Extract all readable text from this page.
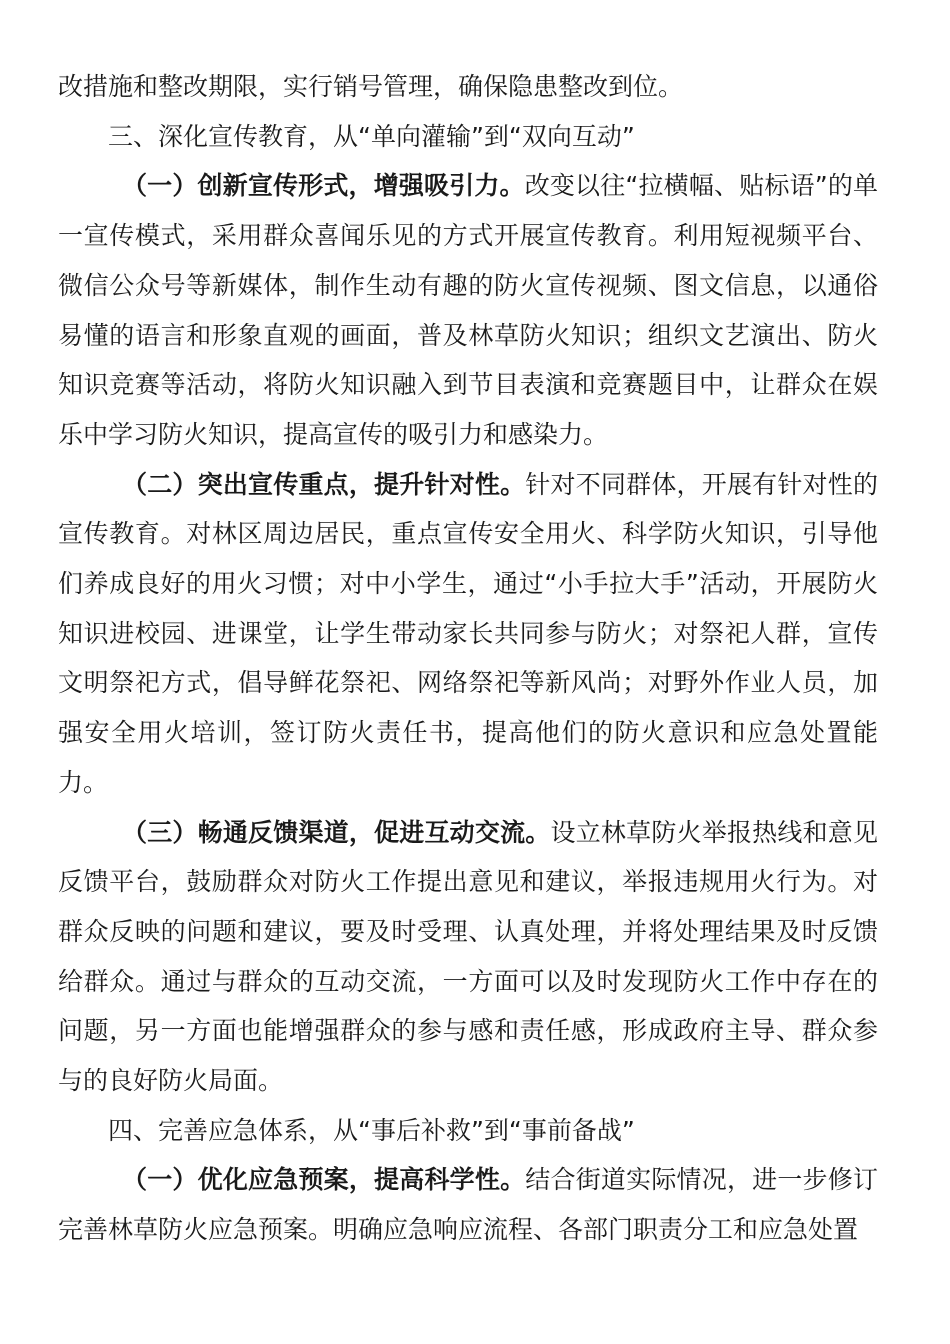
改措施和整改期限，实行销号管理，确保隐患整改到位。

三、深化宣传教育，从“单向灌输”到“双向互动”

（一）创新宣传形式，增强吸引力。改变以往“拉横幅、贴标语”的单一宣传模式，采用群众喜闻乐见的方式开展宣传教育。利用短视频平台、微信公众号等新媒体，制作生动有趣的防火宣传视频、图文信息，以通俗易懂的语言和形象直观的画面，普及林草防火知识；组织文艺演出、防火知识竞赛等活动，将防火知识融入到节目表演和竞赛题目中，让群众在娱乐中学习防火知识，提高宣传的吸引力和感染力。

（二）突出宣传重点，提升针对性。针对不同群体，开展有针对性的宣传教育。对林区周边居民，重点宣传安全用火、科学防火知识，引导他们养成良好的用火习惯；对中小学生，通过“小手拉大手”活动，开展防火知识进校园、进课堂，让学生带动家长共同参与防火；对祭祀人群，宣传文明祭祀方式，倡导鲜花祭祀、网络祭祀等新风尚；对野外作业人员，加强安全用火培训，签订防火责任书，提高他们的防火意识和应急处置能力。

（三）畅通反馈渠道，促进互动交流。设立林草防火举报热线和意见反馈平台，鼓励群众对防火工作提出意见和建议，举报违规用火行为。对群众反映的问题和建议，要及时受理、认真处理，并将处理结果及时反馈给群众。通过与群众的互动交流，一方面可以及时发现防火工作中存在的问题，另一方面也能增强群众的参与感和责任感，形成政府主导、群众参与的良好防火局面。

四、完善应急体系，从“事后补救”到“事前备战”

（一）优化应急预案，提高科学性。结合街道实际情况，进一步修订完善林草防火应急预案。明确应急响应流程、各部门职责分工和应急处置
